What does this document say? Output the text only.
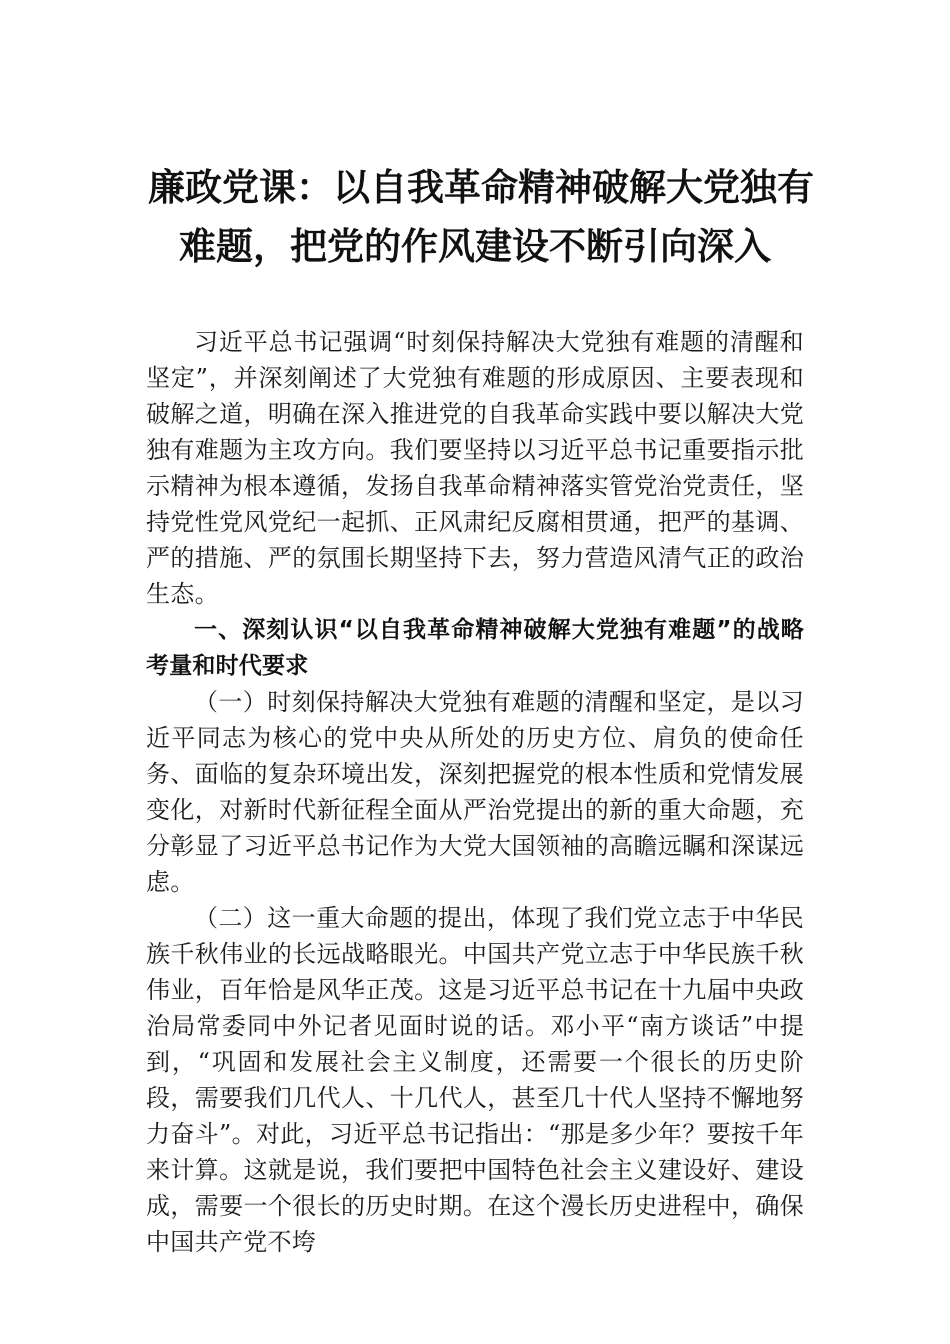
廉政党课：以自我革命精神破解大党独有
难题，把党的作风建设不断引向深入

习近平总书记强调“时刻保持解决大党独有难题的清醒和坚定”，并深刻阐述了大党独有难题的形成原因、主要表现和破解之道，明确在深入推进党的自我革命实践中要以解决大党独有难题为主攻方向。我们要坚持以习近平总书记重要指示批示精神为根本遵循，发扬自我革命精神落实管党治党责任，坚持党性党风党纪一起抓、正风肃纪反腐相贯通，把严的基调、严的措施、严的氛围长期坚持下去，努力营造风清气正的政治生态。

一、深刻认识“以自我革命精神破解大党独有难题”的战略考量和时代要求

（一）时刻保持解决大党独有难题的清醒和坚定，是以习近平同志为核心的党中央从所处的历史方位、肩负的使命任务、面临的复杂环境出发，深刻把握党的根本性质和党情发展变化，对新时代新征程全面从严治党提出的新的重大命题，充分彰显了习近平总书记作为大党大国领袖的高瞻远瞩和深谋远虑。

（二）这一重大命题的提出，体现了我们党立志于中华民族千秋伟业的长远战略眼光。中国共产党立志于中华民族千秋伟业，百年恰是风华正茂。这是习近平总书记在十九届中央政治局常委同中外记者见面时说的话。邓小平“南方谈话”中提到，“巩固和发展社会主义制度，还需要一个很长的历史阶段，需要我们几代人、十几代人，甚至几十代人坚持不懈地努力奋斗”。对此，习近平总书记指出：“那是多少年？要按千年来计算。这就是说，我们要把中国特色社会主义建设好、建设成，需要一个很长的历史时期。在这个漫长历史进程中，确保中国共产党不垮
